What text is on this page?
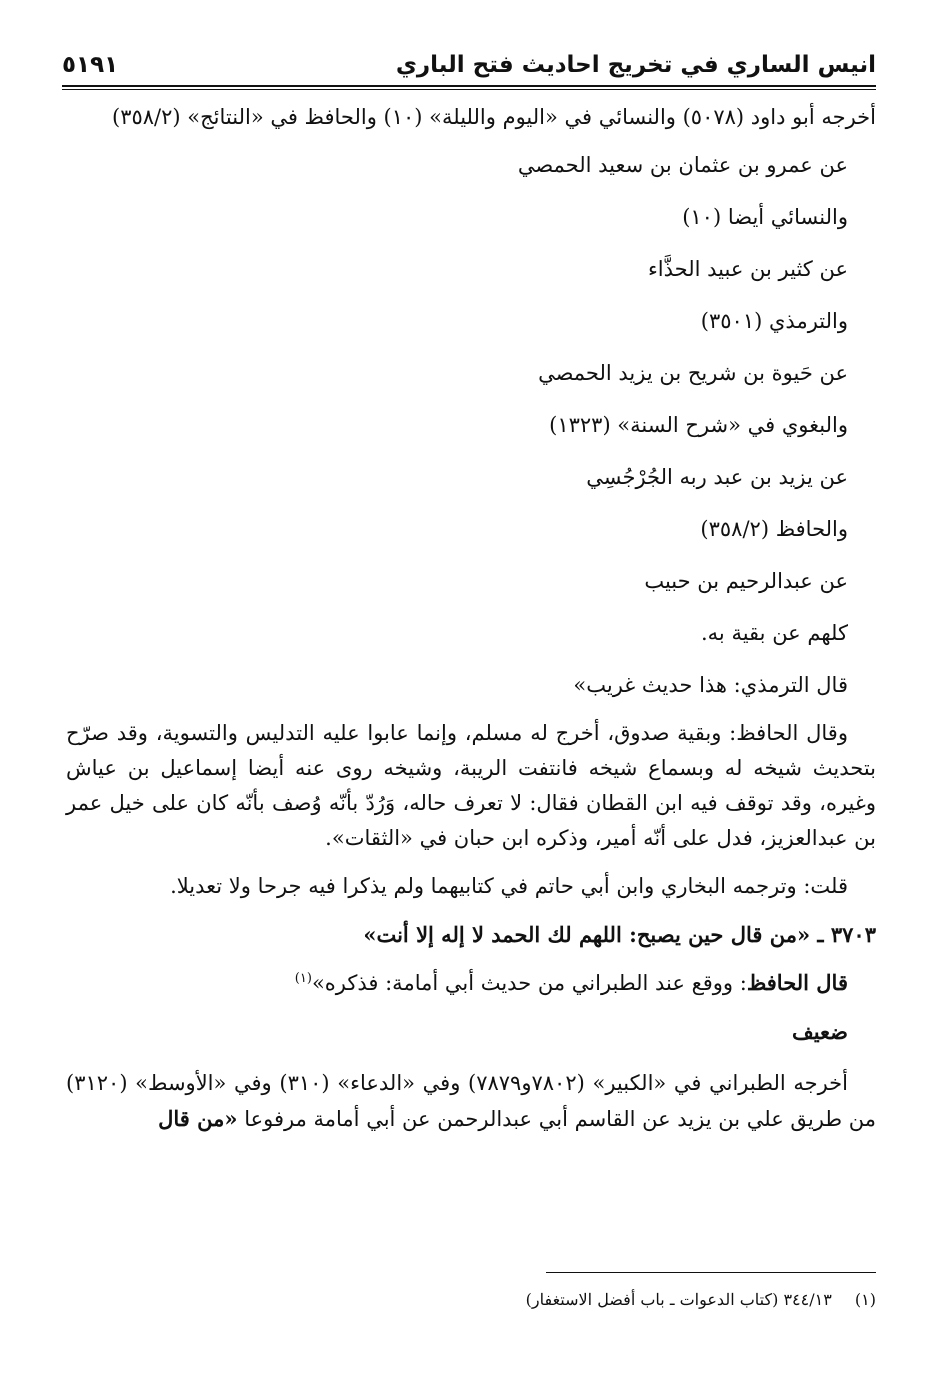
انيس الساري في تخريج احاديث فتح الباري
٥١٩١

أخرجه أبو داود (٥٠٧٨) والنسائي في «اليوم والليلة» (١٠) والحافظ في «النتائج» (٣٥٨/٢)

عن عمرو بن عثمان بن سعيد الحمصي

والنسائي أيضا (١٠)

عن كثير بن عبيد الحذَّاء

والترمذي (٣٥٠١)

عن حَيوة بن شريح بن يزيد الحمصي

والبغوي في «شرح السنة» (١٣٢٣)

عن يزيد بن عبد ربه الجُرْجُسِي

والحافظ (٣٥٨/٢)

عن عبدالرحيم بن حبيب

كلهم عن بقية به.

قال الترمذي: هذا حديث غريب»

وقال الحافظ: وبقية صدوق، أخرج له مسلم، وإنما عابوا عليه التدليس والتسوية، وقد صرّح بتحديث شيخه له وبسماع شيخه فانتفت الريبة، وشيخه روى عنه أيضا إسماعيل بن عياش وغيره، وقد توقف فيه ابن القطان فقال: لا تعرف حاله، وَرُدّ بأنّه وُصف بأنّه كان على خيل عمر بن عبدالعزيز، فدل على أنّه أمير، وذكره ابن حبان في «الثقات».

قلت: وترجمه البخاري وابن أبي حاتم في كتابيهما ولم يذكرا فيه جرحا ولا تعديلا.

٣٧٠٣ ـ «من قال حين يصبح: اللهم لك الحمد لا إله إلا أنت»

قال الحافظ: ووقع عند الطبراني من حديث أبي أمامة: فذكره»$^{(١)}$

ضعيف

أخرجه الطبراني في «الكبير» (٧٨٠٢و٧٨٧٩) وفي «الدعاء» (٣١٠) وفي «الأوسط» (٣١٢٠) من طريق علي بن يزيد عن القاسم أبي عبدالرحمن عن أبي أمامة مرفوعا «من قال

(١) ٣٤٤/١٣ (كتاب الدعوات ـ باب أفضل الاستغفار)
